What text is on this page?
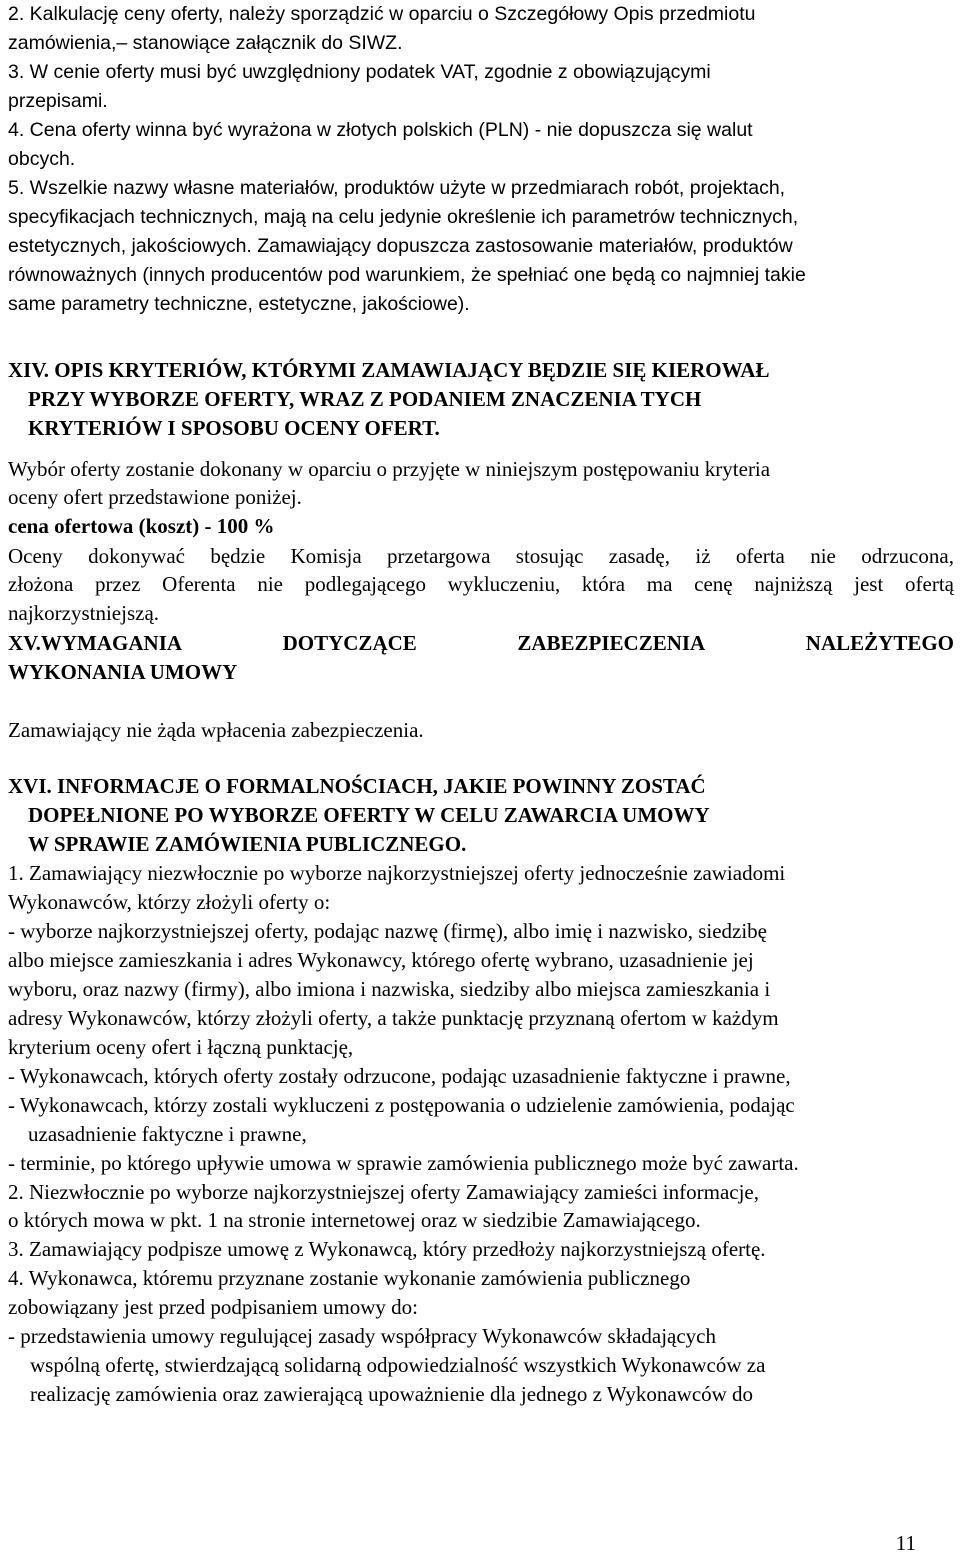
2. Kalkulację ceny oferty, należy sporządzić w oparciu o Szczegółowy Opis przedmiotu
zamówienia,– stanowiące załącznik do SIWZ.
3. W cenie oferty musi być uwzględniony podatek VAT, zgodnie z obowiązującymi
przepisami.
4. Cena oferty winna być wyrażona w złotych polskich (PLN) - nie dopuszcza się walut
obcych.
5. Wszelkie nazwy własne materiałów, produktów użyte w przedmiarach robót, projektach,
specyfikacjach technicznych, mają na celu jedynie określenie ich parametrów technicznych,
estetycznych, jakościowych. Zamawiający dopuszcza zastosowanie materiałów, produktów
równoważnych (innych producentów pod warunkiem, że spełniać one będą co najmniej takie
same parametry techniczne, estetyczne, jakościowe).
XIV. OPIS KRYTERIÓW, KTÓRYMI ZAMAWIAJĄCY BĘDZIE SIĘ KIEROWAŁ
PRZY WYBORZE OFERTY, WRAZ Z PODANIEM ZNACZENIA TYCH
KRYTERIÓW I SPOSOBU OCENY OFERT.
Wybór oferty zostanie dokonany w oparciu o przyjęte w niniejszym postępowaniu kryteria
oceny ofert przedstawione poniżej.
cena ofertowa (koszt) - 100 %
Oceny dokonywać będzie Komisja przetargowa stosując zasadę, iż oferta nie odrzucona,
złożona przez Oferenta nie podlegającego wykluczeniu, która ma cenę najniższą jest ofertą
najkorzystniejszą.
XV.WYMAGANIA	DOTYCZĄCE	ZABEZPIECZENIA	NALEŻYTEGO
WYKONANIA UMOWY
Zamawiający nie żąda wpłacenia zabezpieczenia.
XVI. INFORMACJE O FORMALNOŚCIACH, JAKIE POWINNY ZOSTAĆ
DOPEŁNIONE PO WYBORZE OFERTY W CELU ZAWARCIA UMOWY
W SPRAWIE ZAMÓWIENIA PUBLICZNEGO.
1. Zamawiający niezwłocznie po wyborze najkorzystniejszej oferty jednocześnie zawiadomi
Wykonawców, którzy złożyli oferty o:
- wyborze najkorzystniejszej oferty, podając nazwę (firmę), albo imię i nazwisko, siedzibę
albo miejsce zamieszkania i adres Wykonawcy, którego ofertę wybrano, uzasadnienie jej
wyboru, oraz nazwy (firmy), albo imiona i nazwiska, siedziby albo miejsca zamieszkania i
adresy Wykonawców, którzy złożyli oferty, a także punktację przyznaną ofertom w każdym
kryterium oceny ofert i łączną punktację,
- Wykonawcach, których oferty zostały odrzucone, podając uzasadnienie faktyczne i prawne,
- Wykonawcach, którzy zostali wykluczeni z postępowania o udzielenie zamówienia, podając
uzasadnienie faktyczne i prawne,
- terminie, po którego upływie umowa w sprawie zamówienia publicznego może być zawarta.
2. Niezwłocznie po wyborze najkorzystniejszej oferty Zamawiający zamieści informacje,
o których mowa w pkt. 1 na stronie internetowej oraz w siedzibie Zamawiającego.
3. Zamawiający podpisze umowę z Wykonawcą, który przedłoży najkorzystniejszą ofertę.
4. Wykonawca, któremu przyznane zostanie wykonanie zamówienia publicznego
zobowiązany jest przed podpisaniem umowy do:
- przedstawienia umowy regulującej zasady współpracy Wykonawców składających
wspólną ofertę, stwierdzającą solidarną odpowiedzialność wszystkich Wykonawców za
realizację zamówienia oraz zawierającą upoważnienie dla jednego z Wykonawców do
11
